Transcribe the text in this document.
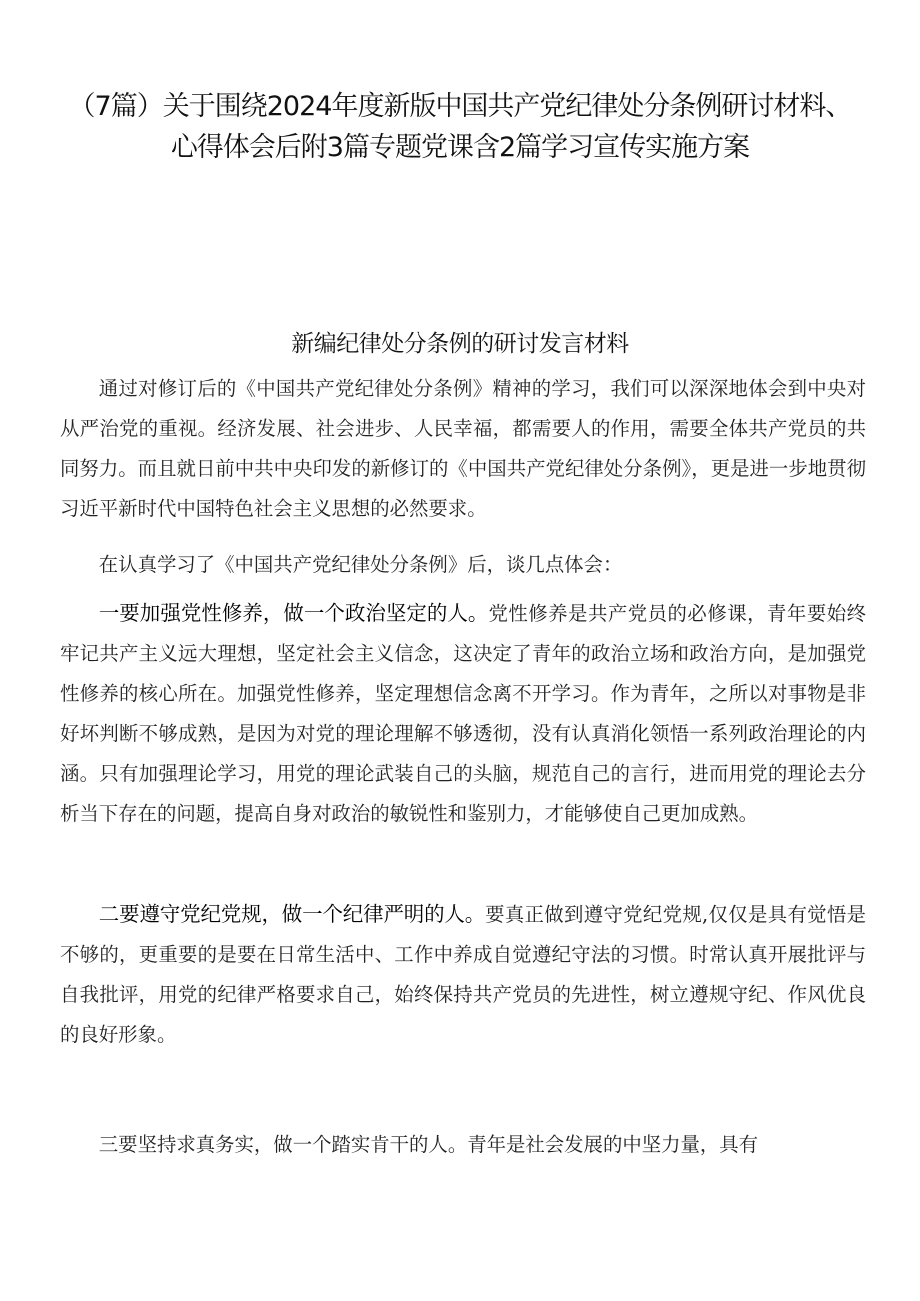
（7篇）关于围绕2024年度新版中国共产党纪律处分条例研讨材料、心得体会后附3篇专题党课含2篇学习宣传实施方案
新编纪律处分条例的研讨发言材料

通过对修订后的《中国共产党纪律处分条例》精神的学习，我们可以深深地体会到中央对从严治党的重视。经济发展、社会进步、人民幸福，都需要人的作用，需要全体共产党员的共同努力。而且就日前中共中央印发的新修订的《中国共产党纪律处分条例》，更是进一步地贯彻习近平新时代中国特色社会主义思想的必然要求。

在认真学习了《中国共产党纪律处分条例》后，谈几点体会：

一要加强党性修养，做一个政治坚定的人。党性修养是共产党员的必修课，青年要始终牢记共产主义远大理想，坚定社会主义信念，这决定了青年的政治立场和政治方向，是加强党性修养的核心所在。加强党性修养，坚定理想信念离不开学习。作为青年，之所以对事物是非好坏判断不够成熟，是因为对党的理论理解不够透彻，没有认真消化领悟一系列政治理论的内涵。只有加强理论学习，用党的理论武装自己的头脑，规范自己的言行，进而用党的理论去分析当下存在的问题，提高自身对政治的敏锐性和鉴别力，才能够使自己更加成熟。

二要遵守党纪党规，做一个纪律严明的人。要真正做到遵守党纪党规,仅仅是具有觉悟是不够的，更重要的是要在日常生活中、工作中养成自觉遵纪守法的习惯。时常认真开展批评与自我批评，用党的纪律严格要求自己，始终保持共产党员的先进性，树立遵规守纪、作风优良的良好形象。

三要坚持求真务实，做一个踏实肯干的人。青年是社会发展的中坚力量，具有
